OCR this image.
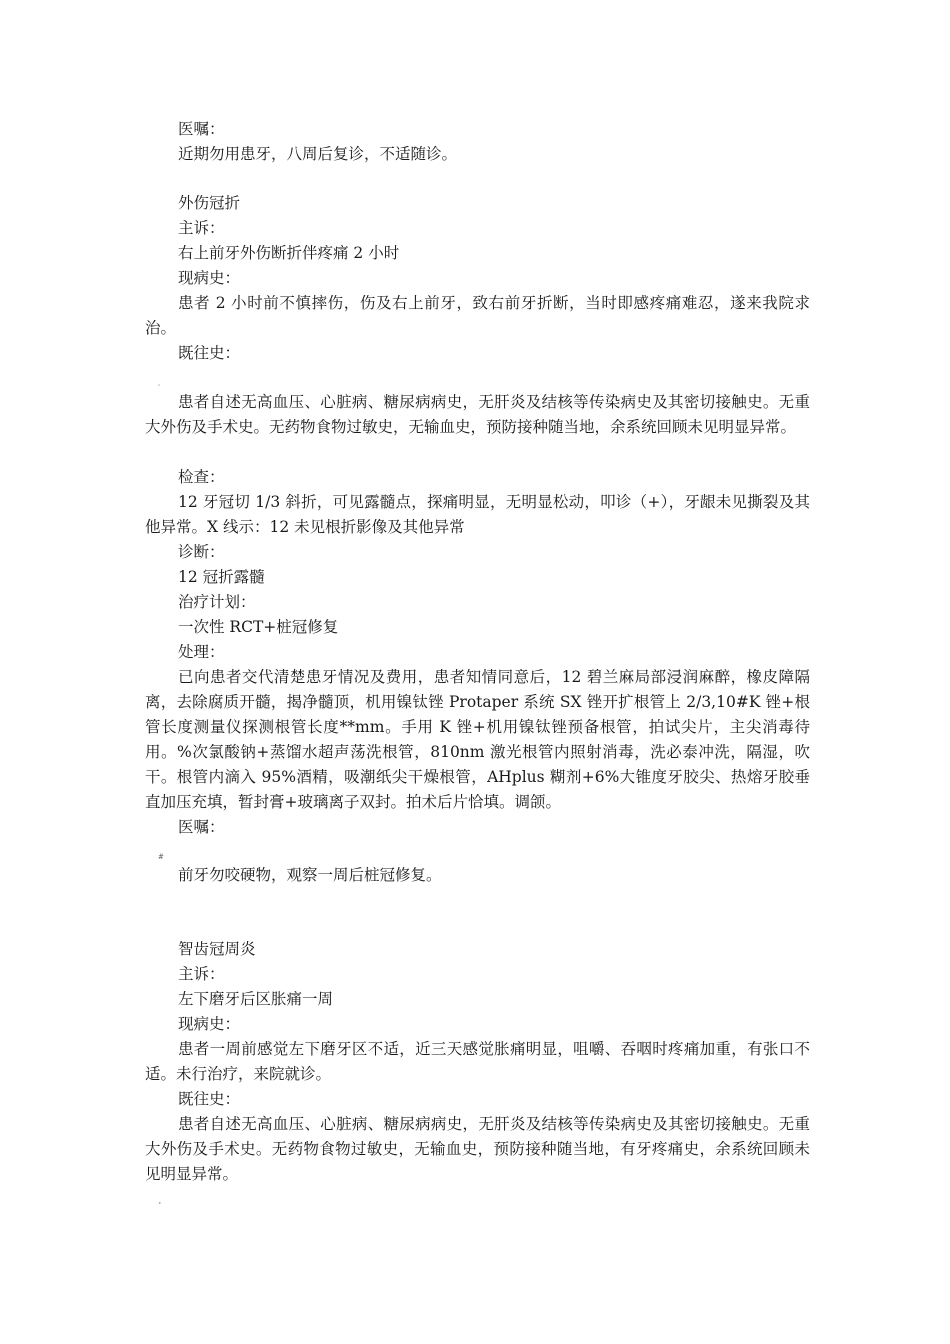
医嘱：
近期勿用患牙，八周后复诊，不适随诊。
外伤冠折
主诉：
右上前牙外伤断折伴疼痛 2 小时
现病史：
患者 2 小时前不慎摔伤，伤及右上前牙，致右前牙折断，当时即感疼痛难忍，遂来我院求治。
既往史：
ˌ
患者自述无高血压、心脏病、糖尿病病史，无肝炎及结核等传染病史及其密切接触史。无重大外伤及手术史。无药物食物过敏史，无输血史，预防接种随当地，余系统回顾未见明显异常。
检查：
12 牙冠切 1/3 斜折，可见露髓点，探痛明显，无明显松动，叩诊（+），牙龈未见撕裂及其他异常。X 线示：12 未见根折影像及其他异常
诊断：
12 冠折露髓
治疗计划：
一次性 RCT+桩冠修复
处理：
已向患者交代清楚患牙情况及费用，患者知情同意后，12 碧兰麻局部浸润麻醉，橡皮障隔离，去除腐质开髓，揭净髓顶，机用镍钛锉 Protaper 系统 SX 锉开扩根管上 2/3,10#K 锉+根管长度测量仪探测根管长度**mm。手用 K 锉+机用镍钛锉预备根管，拍试尖片，主尖消毒待用。%次氯酸钠+蒸馏水超声荡洗根管，810nm 激光根管内照射消毒，洗必泰冲洗，隔湿，吹干。根管内滴入 95%酒精，吸潮纸尖干燥根管，AHplus 糊剂+6%大锥度牙胶尖、热熔牙胶垂直加压充填，暂封膏+玻璃离子双封。拍术后片恰填。调颌。
医嘱：
#
前牙勿咬硬物，观察一周后桩冠修复。
智齿冠周炎
主诉：
左下磨牙后区胀痛一周
现病史：
患者一周前感觉左下磨牙区不适，近三天感觉胀痛明显，咀嚼、吞咽时疼痛加重，有张口不适。未行治疗，来院就诊。
既往史：
患者自述无高血压、心脏病、糖尿病病史，无肝炎及结核等传染病史及其密切接触史。无重大外伤及手术史。无药物食物过敏史，无输血史，预防接种随当地，有牙疼痛史，余系统回顾未见明显异常。
˃
